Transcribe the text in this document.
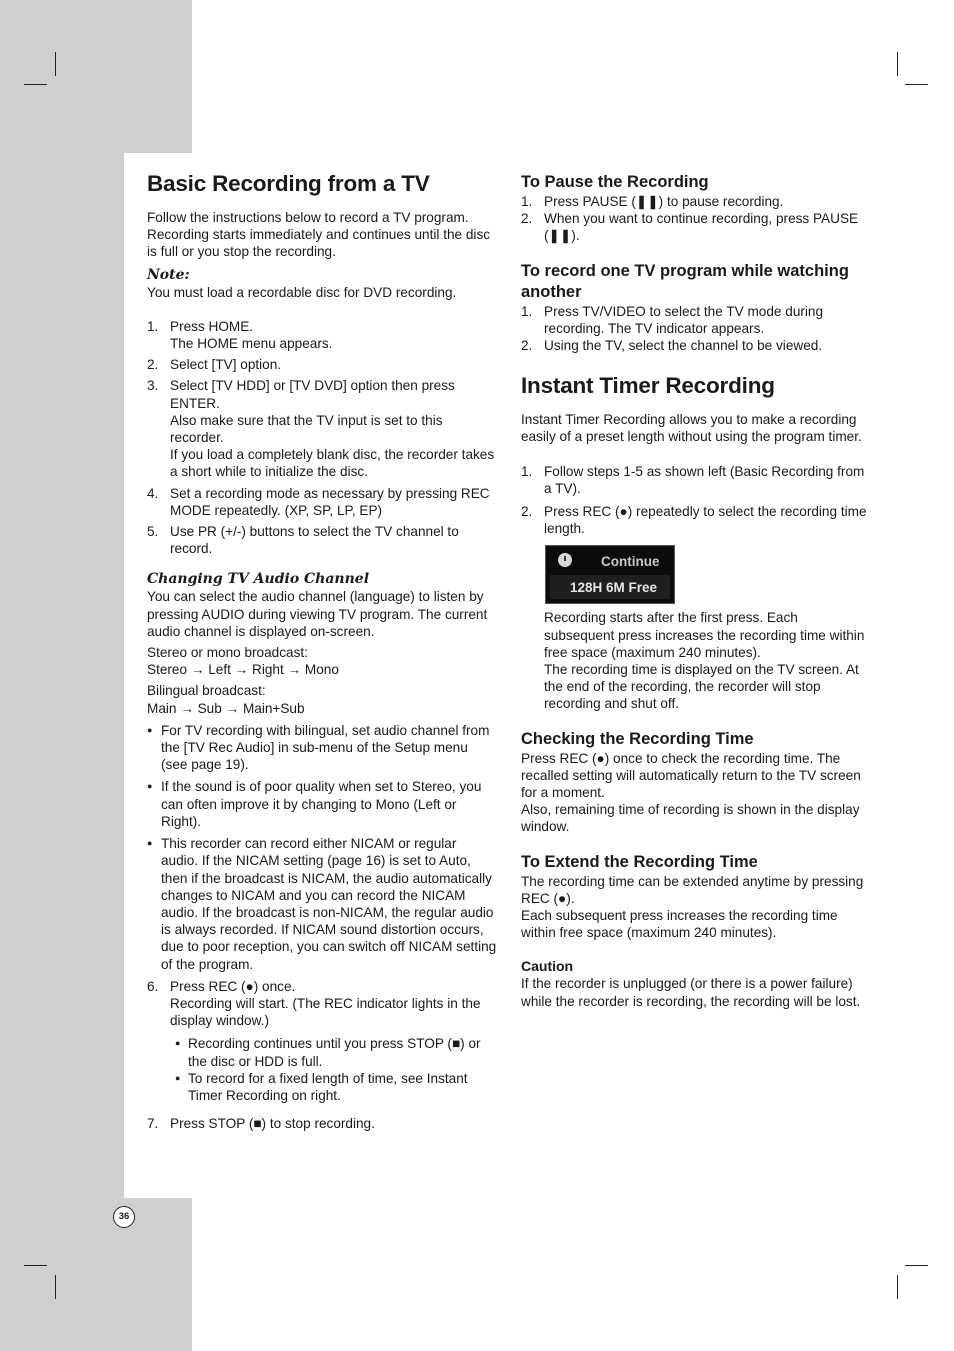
Basic Recording from a TV

Follow the instructions below to record a TV program. Recording starts immediately and continues until the disc is full or you stop the recording.

Note:

You must load a recordable disc for DVD recording.

1. Press HOME.
The HOME menu appears.
2. Select [TV] option.
3. Select [TV HDD] or [TV DVD] option then press ENTER.
Also make sure that the TV input is set to this recorder.
If you load a completely blank disc, the recorder takes a short while to initialize the disc.
4. Set a recording mode as necessary by pressing REC MODE repeatedly. (XP, SP, LP, EP)
5. Use PR (+/-) buttons to select the TV channel to record.
Changing TV Audio Channel

You can select the audio channel (language) to listen by pressing AUDIO during viewing TV program. The current audio channel is displayed on-screen.

Stereo or mono broadcast:

Stereo → Left → Right → Mono

Bilingual broadcast:

Main → Sub → Main+Sub

● For TV recording with bilingual, set audio channel from the [TV Rec Audio] in sub-menu of the Setup menu (see page 19).
● If the sound is of poor quality when set to Stereo, you can often improve it by changing to Mono (Left or Right).
● This recorder can record either NICAM or regular audio. If the NICAM setting (page 16) is set to Auto, then if the broadcast is NICAM, the audio automatically changes to NICAM and you can record the NICAM audio. If the broadcast is non-NICAM, the regular audio is always recorded. If NICAM sound distortion occurs, due to poor reception, you can switch off NICAM setting of the program.
6. Press REC (●) once.
Recording will start. (The REC indicator lights in the display window.)
● Recording continues until you press STOP (■) or the disc or HDD is full.
● To record for a fixed length of time, see Instant Timer Recording on right.
7. Press STOP (■) to stop recording.
To Pause the Recording
1. Press PAUSE (❚❚) to pause recording.
2. When you want to continue recording, press PAUSE (❚❚).
To record one TV program while watching another
1. Press TV/VIDEO to select the TV mode during recording. The TV indicator appears.
2. Using the TV, select the channel to be viewed.
Instant Timer Recording

Instant Timer Recording allows you to make a recording easily of a preset length without using the program timer.

1. Follow steps 1-5 as shown left (Basic Recording from a TV).
2. Press REC (●) repeatedly to select the recording time length.
Continue
128H 6M Free

Recording starts after the first press. Each subsequent press increases the recording time within free space (maximum 240 minutes).

The recording time is displayed on the TV screen. At the end of the recording, the recorder will stop recording and shut off.

Checking the Recording Time

Press REC (●) once to check the recording time. The recalled setting will automatically return to the TV screen for a moment.

Also, remaining time of recording is shown in the display window.

To Extend the Recording Time

The recording time can be extended anytime by pressing REC (●).

Each subsequent press increases the recording time within free space (maximum 240 minutes).

Caution

If the recorder is unplugged (or there is a power failure) while the recorder is recording, the recording will be lost.

36
